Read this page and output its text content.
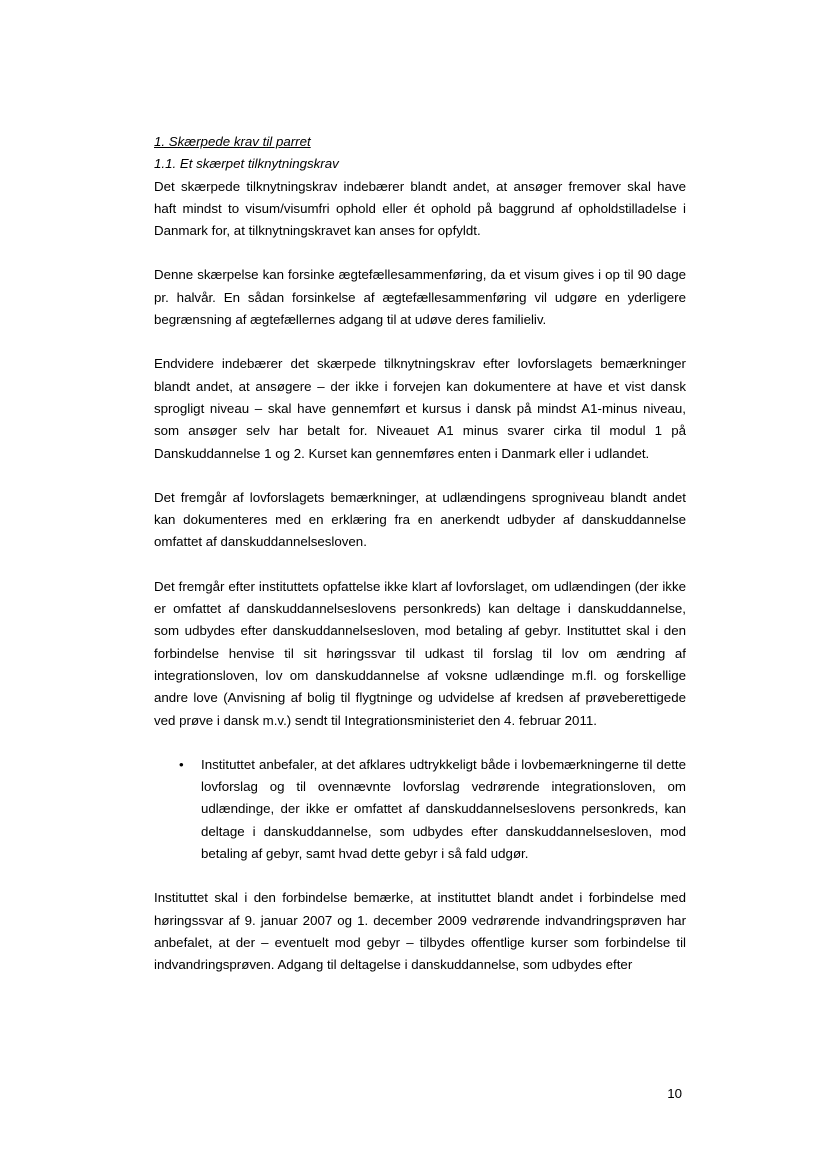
1. Skærpede krav til parret

1.1. Et skærpet tilknytningskrav

Det skærpede tilknytningskrav indebærer blandt andet, at ansøger fremover skal have haft mindst to visum/visumfri ophold eller ét ophold på baggrund af opholdstilladelse i Danmark for, at tilknytningskravet kan anses for opfyldt.

Denne skærpelse kan forsinke ægtefællesammenføring, da et visum gives i op til 90 dage pr. halvår. En sådan forsinkelse af ægtefællesammenføring vil udgøre en yderligere begrænsning af ægtefællernes adgang til at udøve deres familieliv.

Endvidere indebærer det skærpede tilknytningskrav efter lovforslagets bemærkninger blandt andet, at ansøgere – der ikke i forvejen kan dokumentere at have et vist dansk sprogligt niveau – skal have gennemført et kursus i dansk på mindst A1-minus niveau, som ansøger selv har betalt for. Niveauet A1 minus svarer cirka til modul 1 på Danskuddannelse 1 og 2. Kurset kan gennemføres enten i Danmark eller i udlandet.

Det fremgår af lovforslagets bemærkninger, at udlændingens sprogniveau blandt andet kan dokumenteres med en erklæring fra en anerkendt udbyder af danskuddannelse omfattet af danskuddannelsesloven.

Det fremgår efter instituttets opfattelse ikke klart af lovforslaget, om udlændingen (der ikke er omfattet af danskuddannelseslovens personkreds) kan deltage i danskuddannelse, som udbydes efter danskuddannelsesloven, mod betaling af gebyr. Instituttet skal i den forbindelse henvise til sit høringssvar til udkast til forslag til lov om ændring af integrationsloven, lov om danskuddannelse af voksne udlændinge m.fl. og forskellige andre love (Anvisning af bolig til flygtninge og udvidelse af kredsen af prøveberettigede ved prøve i dansk m.v.) sendt til Integrationsministeriet den 4. februar 2011.

• Instituttet anbefaler, at det afklares udtrykkeligt både i lovbemærkningerne til dette lovforslag og til ovennævnte lovforslag vedrørende integrationsloven, om udlændinge, der ikke er omfattet af danskuddannelseslovens personkreds, kan deltage i danskuddannelse, som udbydes efter danskuddannelsesloven, mod betaling af gebyr, samt hvad dette gebyr i så fald udgør.

Instituttet skal i den forbindelse bemærke, at instituttet blandt andet i forbindelse med høringssvar af 9. januar 2007 og 1. december 2009 vedrørende indvandringsprøven har anbefalet, at der – eventuelt mod gebyr – tilbydes offentlige kurser som forbindelse til indvandringsprøven. Adgang til deltagelse i danskuddannelse, som udbydes efter

10
